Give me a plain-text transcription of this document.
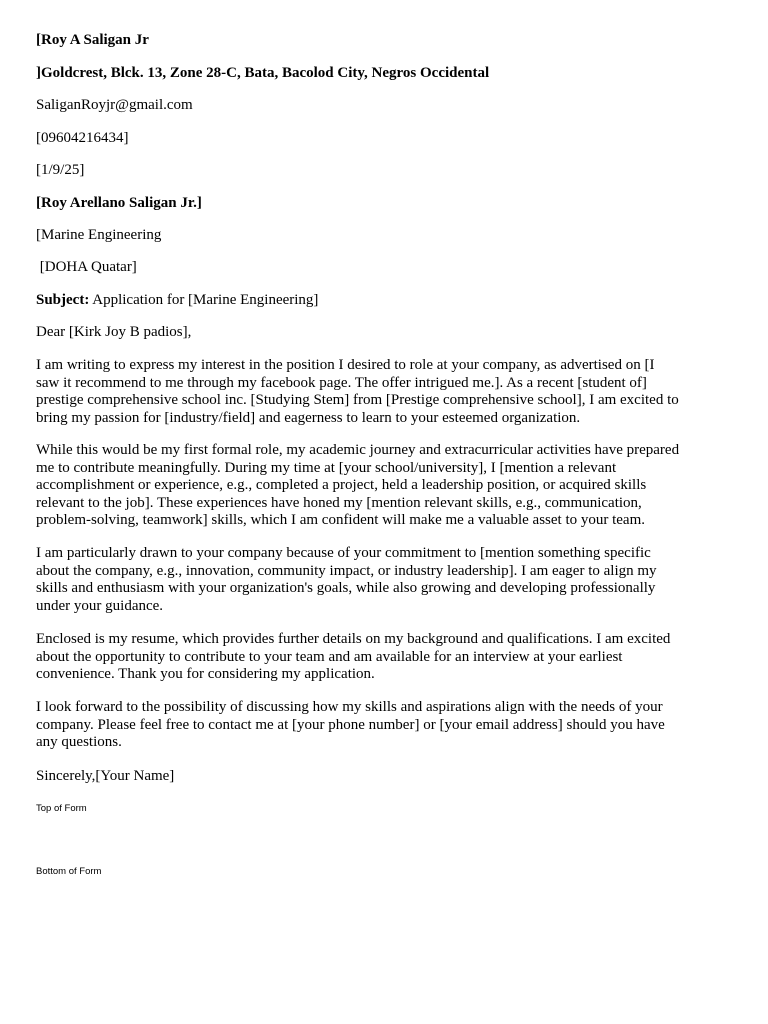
[Roy A Saligan Jr
]Goldcrest, Blck. 13, Zone 28-C, Bata, Bacolod City, Negros Occidental
SaliganRoyjr@gmail.com
[09604216434]
[1/9/25]
[Roy Arellano Saligan Jr.]
[Marine Engineering
[DOHA Quatar]
Subject: Application for [Marine Engineering]
Dear [Kirk Joy B padios],
I am writing to express my interest in the position I desired to role at your company, as advertised on [I
saw it recommend to me through my facebook page. The offer intrigued me.]. As a recent [student of]
prestige comprehensive school inc. [Studying Stem] from [Prestige comprehensive school], I am excited to
bring my passion for [industry/field] and eagerness to learn to your esteemed organization.
While this would be my first formal role, my academic journey and extracurricular activities have prepared
me to contribute meaningfully. During my time at [your school/university], I [mention a relevant
accomplishment or experience, e.g., completed a project, held a leadership position, or acquired skills
relevant to the job]. These experiences have honed my [mention relevant skills, e.g., communication,
problem-solving, teamwork] skills, which I am confident will make me a valuable asset to your team.
I am particularly drawn to your company because of your commitment to [mention something specific
about the company, e.g., innovation, community impact, or industry leadership]. I am eager to align my
skills and enthusiasm with your organization's goals, while also growing and developing professionally
under your guidance.
Enclosed is my resume, which provides further details on my background and qualifications. I am excited
about the opportunity to contribute to your team and am available for an interview at your earliest
convenience. Thank you for considering my application.
I look forward to the possibility of discussing how my skills and aspirations align with the needs of your
company. Please feel free to contact me at [your phone number] or [your email address] should you have
any questions.
Sincerely,[Your Name]
Top of Form
Bottom of Form
